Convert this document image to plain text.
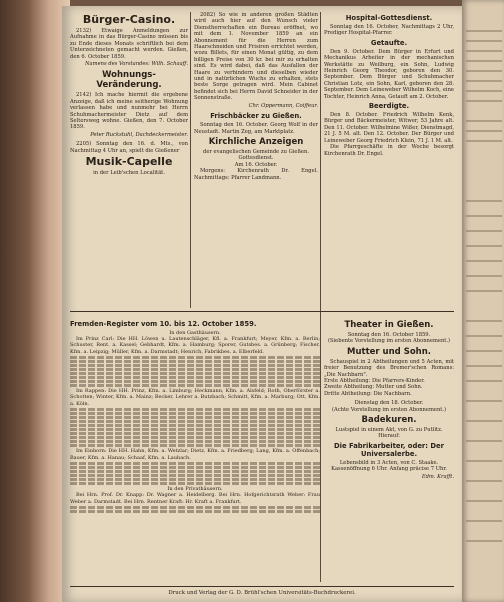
Bürger-Casino.

2132) Etwaige Anmeldungen zur Aufnahme in das Bürger-Casino müssen bis zu Ende dieses Monats schriftlich bei dem Unterzeichneten gemacht werden. Gießen, den 6. October 1859.

Namens des Vorstandes: Wilh. Schaaff.
Wohnungs-Veränderung.

2142) Ich mache hiermit die ergebene Anzeige, daß ich meine seitherige Wohnung verlassen habe und nunmehr bei Herrn Schuhmachermeister Dietz auf dem Seltersweg wohne. Gießen, den 7. October 1859.

Peter Ruckstuhl, Dachdeckermeister.

2205) Sonntag den 16. d. Mts., von Nachmittag 4 Uhr an, spielt die Gießener

Musik-Capelle
in der Leib'schen Localität.

2082) So wie in anderen großen Städten wird auch hier auf den Wunsch vieler Dienstherrschaften ein Bureau eröffnet, wo mit dem 1. November 1859 an ein Abonnement für die Herren zum Haarschneiden und Frisiren errichtet werden, wozu Billets, für einen Monat gültig, zu dem billigen Preise von 30 kr. bei mir zu erhalten sind. Es wird dabei, daß das Ausfallen der Haare zu verhindern und dieselben wieder und in natürlichen Wuchs zu erhalten, stets beste Sorge getragen wird. Mein Cabinet befindet sich bei Herrn David Schneider in der Sonnenstraße.

Chr. Oppermann, Coiffeur.
Frischbäcker zu Gießen.

Sonntag den 16. October. Georg Wolf in der Neustadt. Martin Zeg, am Marktplatz.

Kirchliche Anzeigen
der evangelischen Gemeinde zu Gießen.
Gottesdienst.
Am 16. October.

Morgens: Kirchenrath Dr. Engel. Nachmittags: Pfarrer Landmann.

Hospital-Gottesdienst.

Sonntag den 16. October, Nachmittags 2 Uhr, Prediger Hospital-Pfarrer.

Getaufte.

Den 9. October. Dem Bürger in Erfurt und Mechanikus Arbeiter in der mechanischen Werkstätte zu Weilburg, ein Sohn, Ludwig Heinrich Georg Theodor, geboren den 30. September. Dem Bürger und Schuhmacher Christian Lotz, ein Sohn, Karl, geboren den 28. September. Dem Leineweber Wilhelm Koch, eine Tochter, Heinrich Anna, Getauft am 2. October.

Beerdigte.

Den 8. October. Friedrich Wilhelm Kenk, Bürger und Bäckermeister, Witwer, 53 Jahre alt. Den 11. October. Wilhelmine Wißer, Dienstmagd, 21 J. 5 M. alt. Den 12. October. Der Bürger und Leineweber Georg Friedrich Klein, 71 J. 1 M. alt.

Die Pfarrgeschäfte in der Woche besorgt Kirchenrath Dr. Engel.

Fremden-Register vom 10. bis 12. October 1859.
In den Gasthäusern.

Im Prinz Carl: Die HH. Löwen u. Lautenschläger, Kfl. a. Frankfurt; Meyer, Kfm. a. Berlin; Schuster, Rent. a. Kassel; Gebhardt, Kfm. a. Hamburg; Sporer, Gutsbes. a. Grünberg; Fischer, Kfm. a. Leipzig; Müller, Kfm. a. Darmstadt; Henrich, Fabrikbes. a. Elberfeld.

Im Rappen: Die HH. Prinz, Kfm. a. Limburg; Heckmann, Kfm. a. Alsfeld; Roth, Oberförster a. Schotten; Winter, Kfm. a. Mainz; Becker, Lehrer a. Butzbach; Schmitt, Kfm. a. Marburg; Ott, Kfm. a. Köln.

Im Einhorn: Die HH. Hahn, Kfm. a. Wetzlar; Dietz, Kfm. a. Friedberg; Lang, Kfm. a. Offenbach; Bauer, Kfm. a. Hanau; Schaaf, Kfm. a. Laubach.

In den Privathäusern.

Bei Hrn. Prof. Dr. Knapp: Dr. Wagner a. Heidelberg. Bei Hrn. Hofgerichtsrath Weber: Frau Weber a. Darmstadt. Bei Hrn. Rentner Kraft: Hr. Kraft a. Frankfurt.

Theater in Gießen.
Sonntag den 16. October 1859.
(Siebente Vorstellung im ersten Abonnement.)
Mutter und Sohn.

Schauspiel in 2 Abtheilungen und 5 Acten, mit freier Benutzung des Bremer'schen Romans: „Die Nachbarn".

Erste Abtheilung: Die Pfarrers-Kinder.
Zweite Abtheilung: Mutter und Sohn.
Dritte Abtheilung: Die Nachbarn.
Dienstag den 18. October.
(Achte Vorstellung im ersten Abonnement.)
Badekuren.
Lustspiel in einem Akt, von G. zu Putlitz.
Hierauf:
Die Fabrikarbeiter, oder: Der Universalerbe.
Lebensbild in 3 Acten, von C. Staake.
Kassenöffnung 6 Uhr. Anfang präcise 7 Uhr.
Edm. Krafft.
Druck und Verlag der G. D. Brühl'schen Universitäts-Buchdruckerei.
